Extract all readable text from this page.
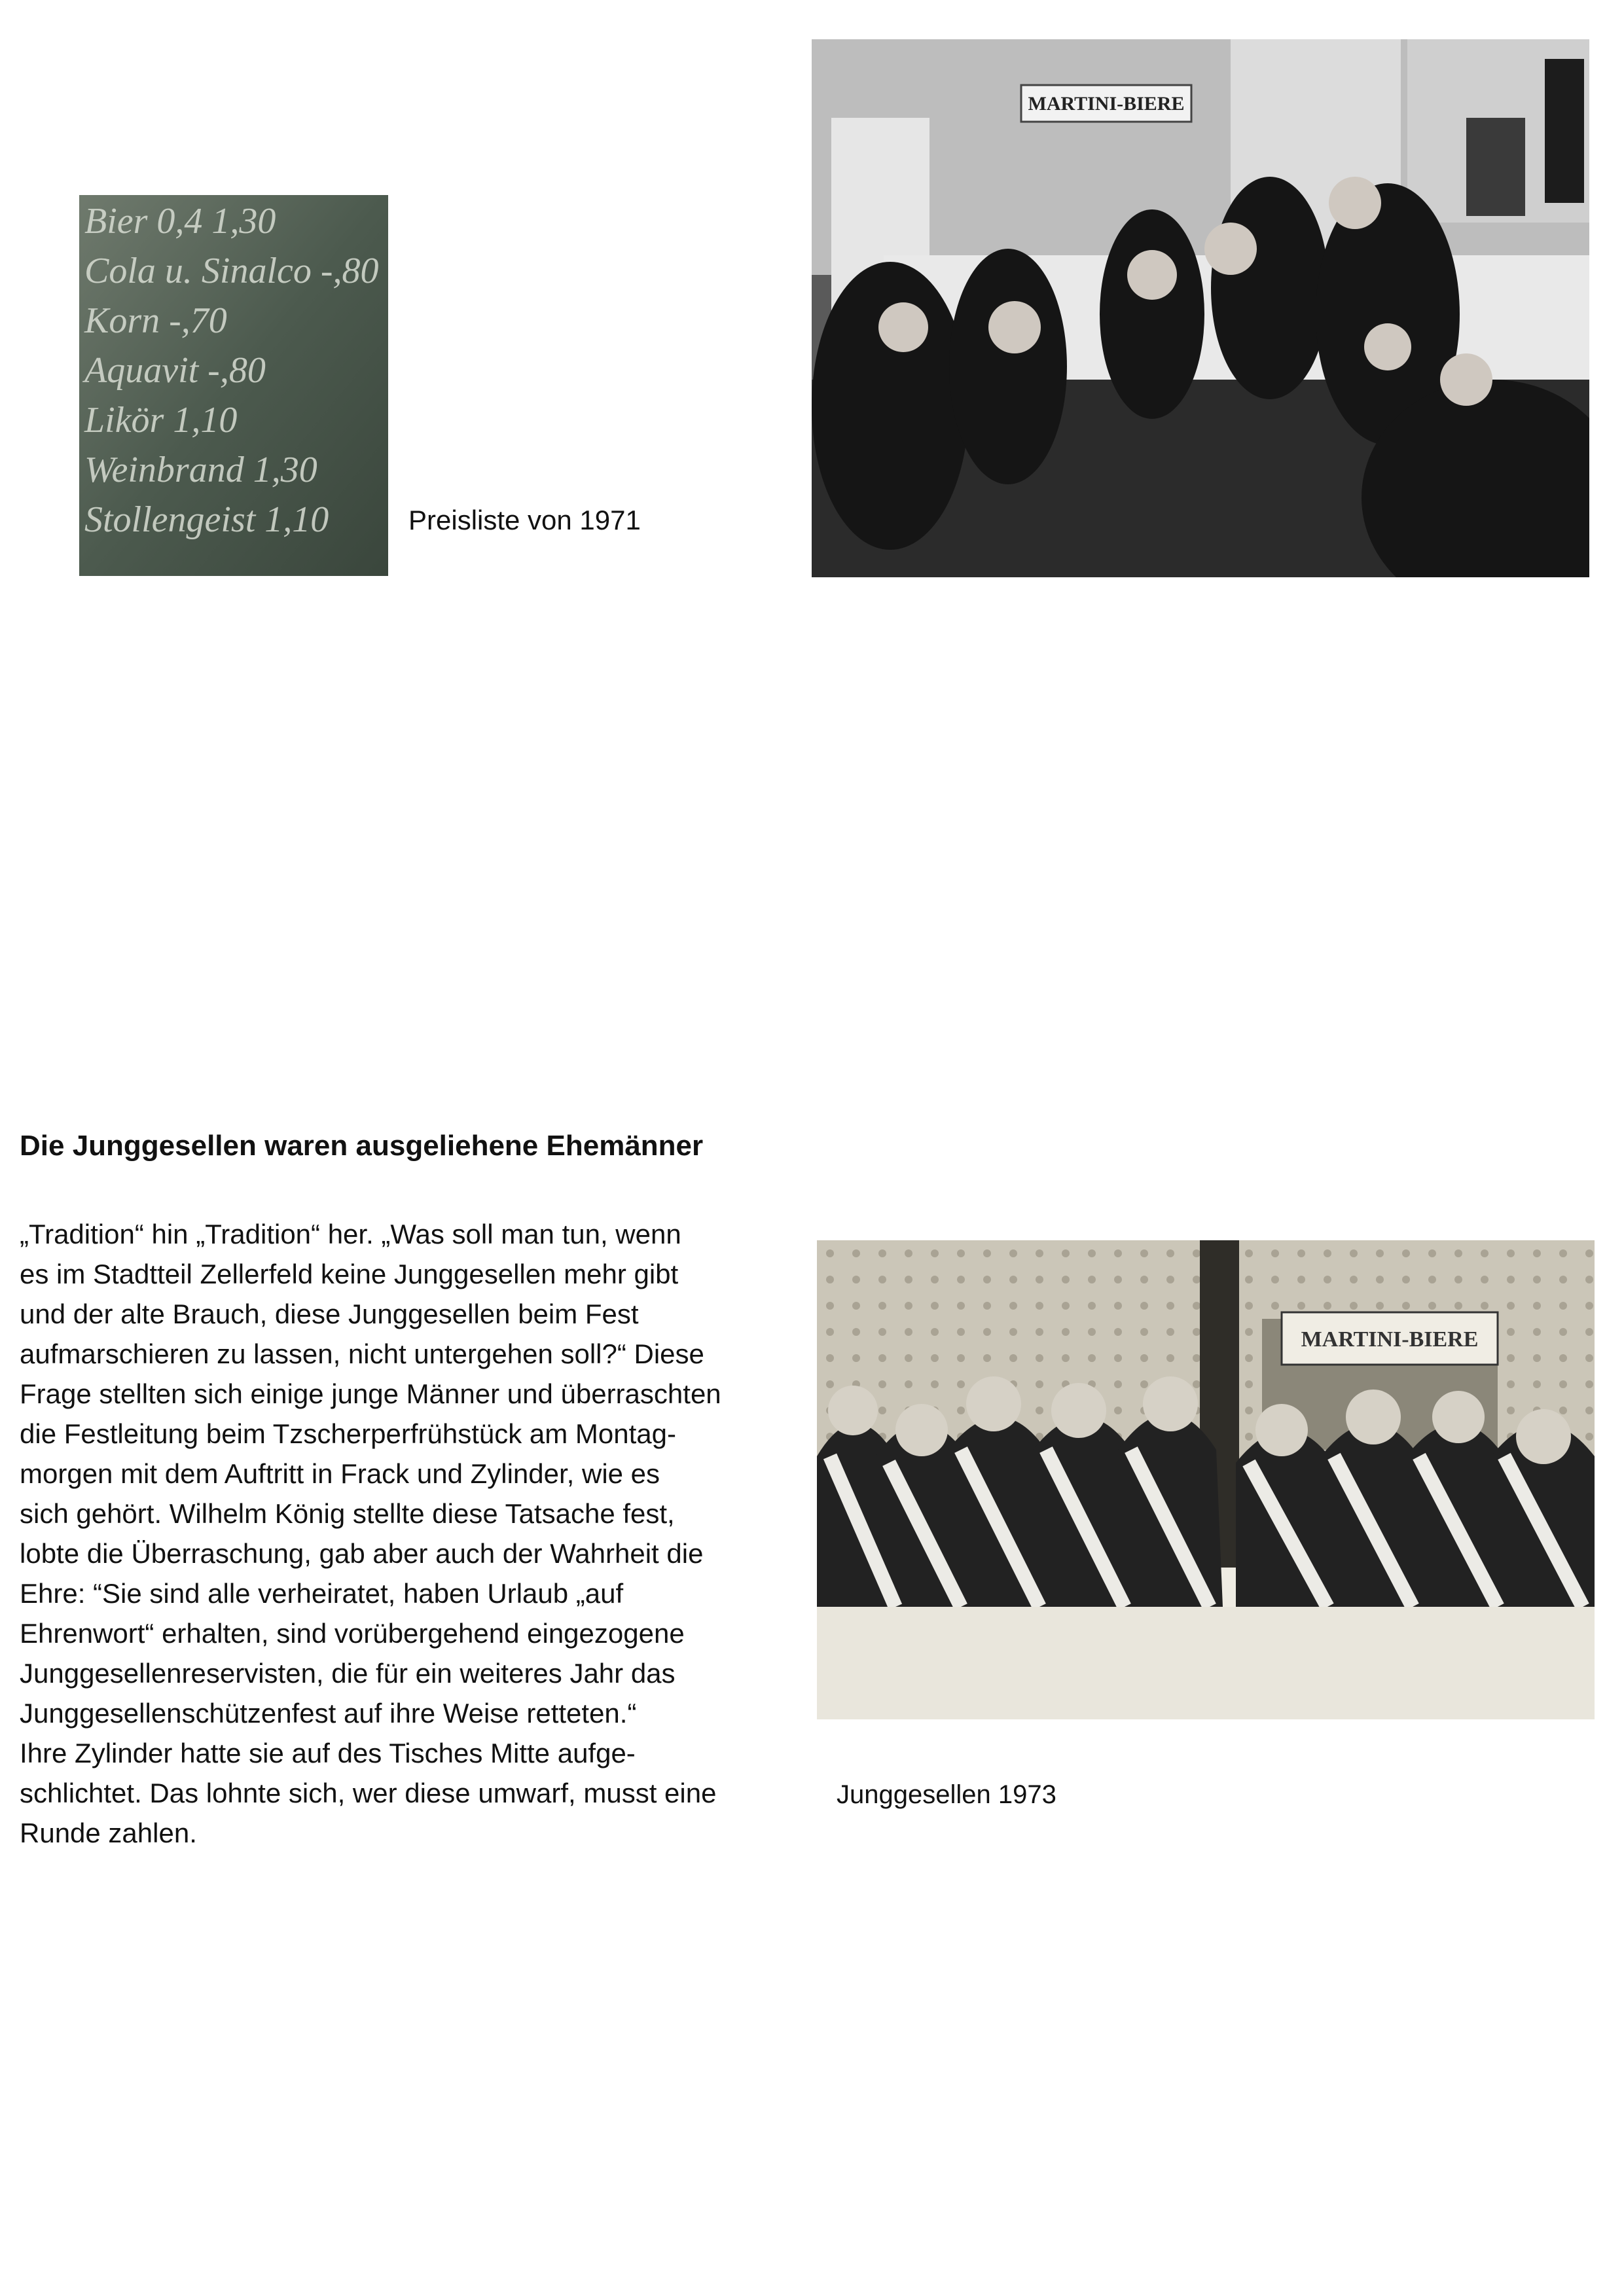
Bier 0,4 1,30
Cola u. Sinalco -,80
Korn -,70
Aquavit -,80
Likör 1,10
Weinbrand 1,30
Stollengeist 1,10	Preisliste von 1971
MARTINI-BIERE
Die Junggesellen waren ausgeliehene Ehemänner
„Tradition“ hin „Tradition“ her. „Was soll man tun, wenn
es im Stadtteil Zellerfeld keine Junggesellen mehr gibt
und der alte Brauch, diese Junggesellen beim Fest
aufmarschieren zu lassen, nicht untergehen soll?“ Diese
Frage stellten sich einige junge Männer und überraschten
die Festleitung beim Tzscherperfrühstück am Montag-
morgen mit dem Auftritt in Frack und Zylinder, wie es
sich gehört. Wilhelm König stellte diese Tatsache fest,
lobte die Überraschung, gab aber auch der Wahrheit die
Ehre: “Sie sind alle verheiratet, haben Urlaub „auf
Ehrenwort“ erhalten, sind vorübergehend eingezogene
Junggesellenreservisten, die für ein weiteres Jahr das
Junggesellenschützenfest auf ihre Weise retteten.“
Ihre Zylinder hatte sie auf des Tisches Mitte aufge-
schlichtet. Das lohnte sich, wer diese umwarf, musst eine
Runde zahlen.
MARTINI-BIERE
Junggesellen 1973
